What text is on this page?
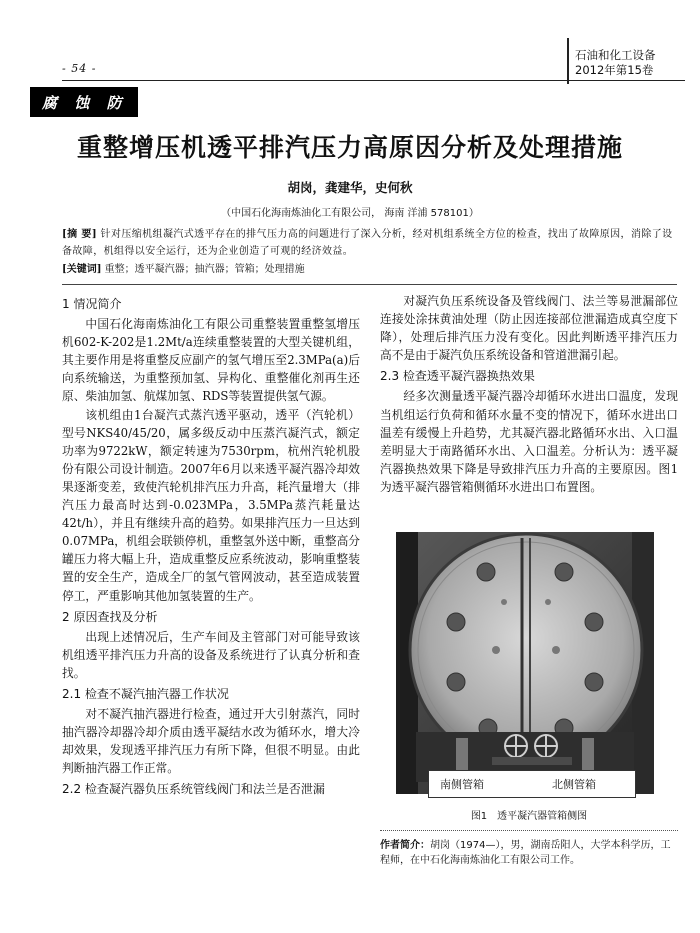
- 54 -
石油和化工设备
2012年第15卷
腐 蚀 防 护
重整增压机透平排汽压力高原因分析及处理措施
胡岗，龚建华，史何秋
（中国石化海南炼油化工有限公司， 海南 洋浦 578101）
[摘 要] 针对压缩机组凝汽式透平存在的排气压力高的问题进行了深入分析，经对机组系统全方位的检查，找出了故障原因，消除了设备故障，机组得以安全运行，还为企业创造了可观的经济效益。
[关键词] 重整；透平凝汽器；抽汽器；管箱；处理措施
1 情况简介

中国石化海南炼油化工有限公司重整装置重整氢增压机602-K-202是1.2Mt/a连续重整装置的大型关键机组，其主要作用是将重整反应副产的氢气增压至2.3MPa(a)后向系统输送，为重整预加氢、异构化、重整催化剂再生还原、柴油加氢、航煤加氢、RDS等装置提供氢气源。

该机组由1台凝汽式蒸汽透平驱动，透平（汽轮机）型号NKS40/45/20，属多级反动中压蒸汽凝汽式，额定功率为9722kW，额定转速为7530rpm，杭州汽轮机股份有限公司设计制造。2007年6月以来透平凝汽器冷却效果逐渐变差，致使汽轮机排汽压力升高，耗汽量增大（排汽压力最高时达到-0.023MPa，3.5MPa蒸汽耗量达42t/h），并且有继续升高的趋势。如果排汽压力一旦达到0.07MPa，机组会联锁停机，重整氢外送中断，重整高分罐压力将大幅上升，造成重整反应系统波动，影响重整装置的安全生产，造成全厂的氢气管网波动，甚至造成装置停工，严重影响其他加氢装置的生产。

2 原因查找及分析

出现上述情况后，生产车间及主管部门对可能导致该机组透平排汽压力升高的设备及系统进行了认真分析和查找。

2.1 检查不凝汽抽汽器工作状况

对不凝汽抽汽器进行检查，通过开大引射蒸汽，同时抽汽器冷却器冷却介质由透平凝结水改为循环水，增大冷却效果，发现透平排汽压力有所下降，但很不明显。由此判断抽汽器工作正常。

2.2 检查凝汽器负压系统管线阀门和法兰是否泄漏

对凝汽负压系统设备及管线阀门、法兰等易泄漏部位连接处涂抹黄油处理（防止因连接部位泄漏造成真空度下降），处理后排汽压力没有变化。因此判断透平排汽压力高不是由于凝汽负压系统设备和管道泄漏引起。

2.3 检查透平凝汽器换热效果

经多次测量透平凝汽器冷却循环水进出口温度，发现当机组运行负荷和循环水量不变的情况下，循环水进出口温差有缓慢上升趋势，尤其凝汽器北路循环水出、入口温差明显大于南路循环水出、入口温差。分析认为：透平凝汽器换热效果下降是导致排汽压力升高的主要原因。图1为透平凝汽器管箱侧循环水进出口布置图。

南侧管箱	北侧管箱
图1　透平凝汽器管箱侧图
作者简介：胡岗（1974—），男，湖南岳阳人，大学本科学历，工程师，在中石化海南炼油化工有限公司工作。
